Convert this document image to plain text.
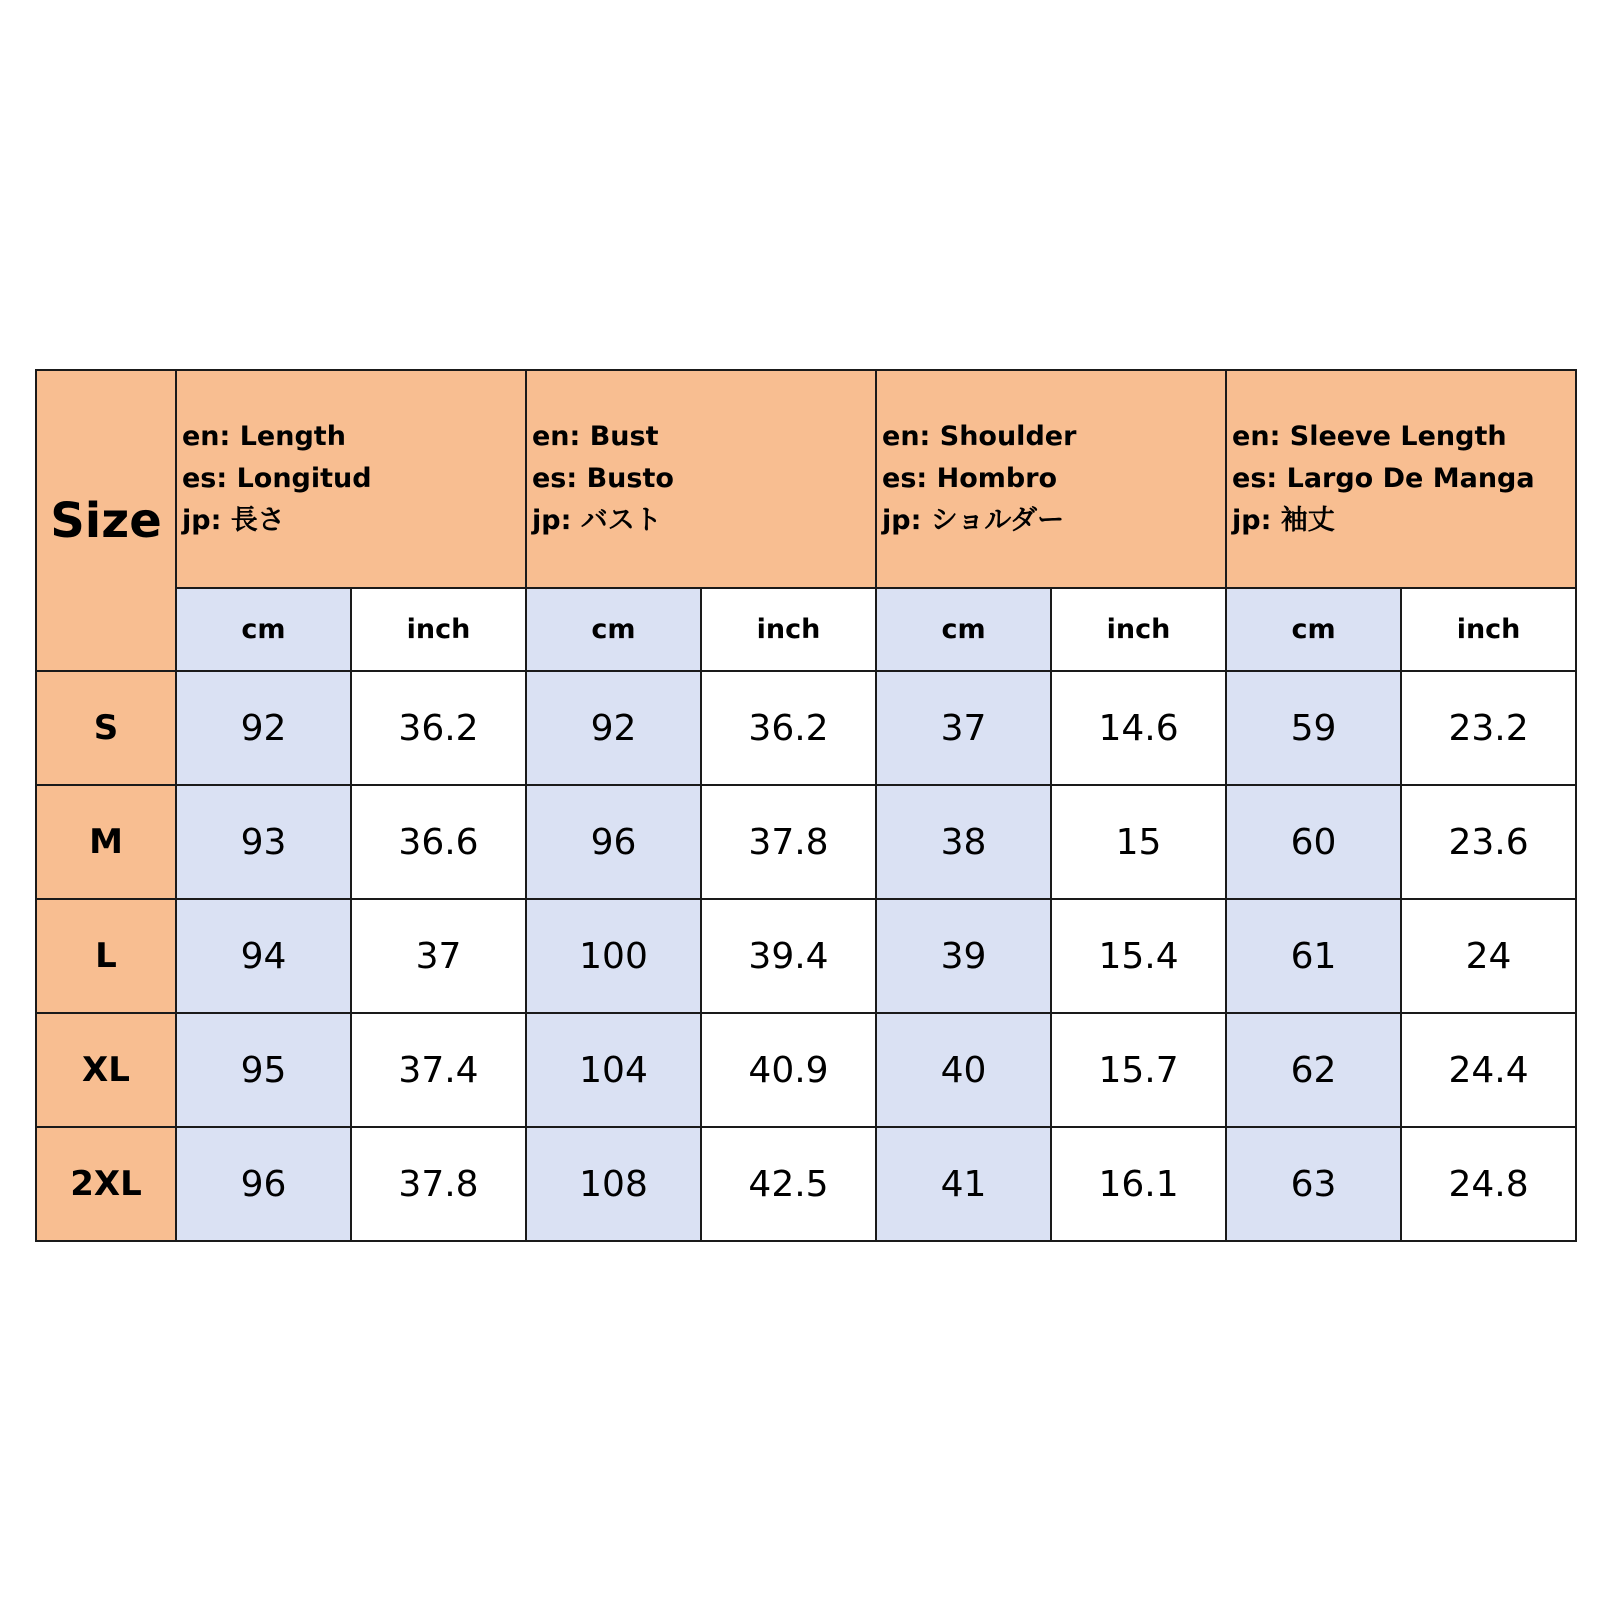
Size	en: Length
es: Longitud
jp: 長さ		en: Bust
es: Busto
jp: バスト		en: Shoulder
es: Hombro
jp: ショルダー		en: Sleeve Length
es: Largo De Manga
jp: 袖丈	

	cm	inch	cm	inch	cm	inch	cm	inch
S	92	36.2	92	36.2	37	14.6	59	23.2
M	93	36.6	96	37.8	38	15	60	23.6
L	94	37	100	39.4	39	15.4	61	24
XL	95	37.4	104	40.9	40	15.7	62	24.4
2XL	96	37.8	108	42.5	41	16.1	63	24.8
